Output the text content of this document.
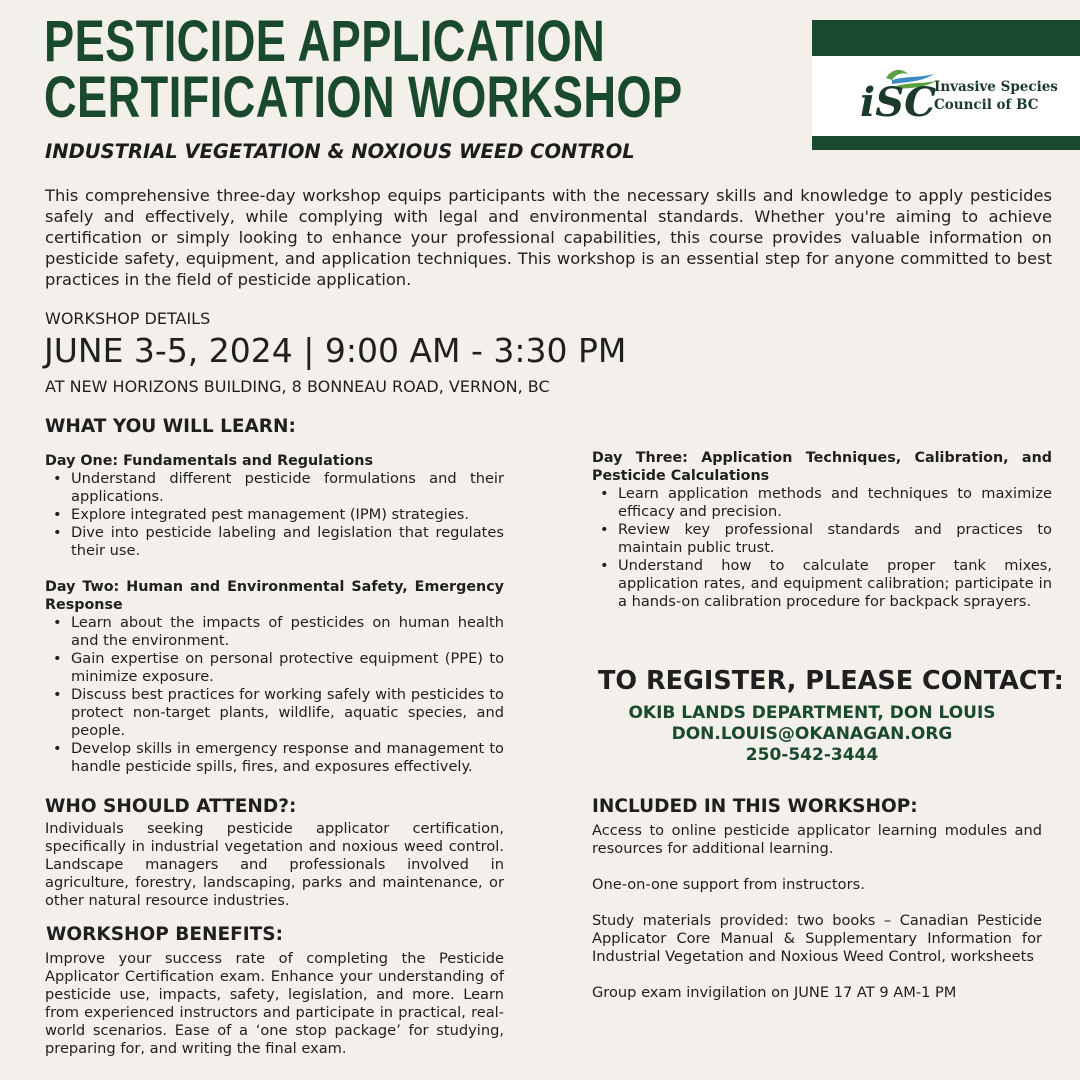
PESTICIDE APPLICATION
CERTIFICATION WORKSHOP
INDUSTRIAL VEGETATION & NOXIOUS WEED CONTROL
iSC
Invasive Species
Council of BC

This comprehensive three-day workshop equips participants with the necessary skills and knowledge to apply pesticides safely and effectively, while complying with legal and environmental standards. Whether you're aiming to achieve certification or simply looking to enhance your professional capabilities, this course provides valuable information on pesticide safety, equipment, and application techniques. This workshop is an essential step for anyone committed to best practices in the field of pesticide application.

WORKSHOP DETAILS
JUNE 3-5, 2024 | 9:00 AM - 3:30 PM
AT NEW HORIZONS BUILDING, 8 BONNEAU ROAD, VERNON, BC
WHAT YOU WILL LEARN:

Day One: Fundamentals and Regulations

• Understand different pesticide formulations and their applications.
• Explore integrated pest management (IPM) strategies.
• Dive into pesticide labeling and legislation that regulates their use.

Day Two: Human and Environmental Safety, Emergency Response

• Learn about the impacts of pesticides on human health and the environment.
• Gain expertise on personal protective equipment (PPE) to minimize exposure.
• Discuss best practices for working safely with pesticides to protect non-target plants, wildlife, aquatic species, and people.
• Develop skills in emergency response and management to handle pesticide spills, fires, and exposures effectively.

Day Three: Application Techniques, Calibration, and Pesticide Calculations

• Learn application methods and techniques to maximize efficacy and precision.
• Review key professional standards and practices to maintain public trust.
• Understand how to calculate proper tank mixes, application rates, and equipment calibration; participate in a hands-on calibration procedure for backpack sprayers.
WHO SHOULD ATTEND?:

Individuals seeking pesticide applicator certification, specifically in industrial vegetation and noxious weed control. Landscape managers and professionals involved in agriculture, forestry, landscaping, parks and maintenance, or other natural resource industries.

WORKSHOP BENEFITS:

Improve your success rate of completing the Pesticide Applicator Certification exam. Enhance your understanding of pesticide use, impacts, safety, legislation, and more. Learn from experienced instructors and participate in practical, real-world scenarios. Ease of a ‘one stop package’ for studying, preparing for, and writing the final exam.

TO REGISTER, PLEASE CONTACT:
OKIB LANDS DEPARTMENT, DON LOUIS
DON.LOUIS@OKANAGAN.ORG
250-542-3444
INCLUDED IN THIS WORKSHOP:

Access to online pesticide applicator learning modules and resources for additional learning.

One-on-one support from instructors.

Study materials provided: two books – Canadian Pesticide Applicator Core Manual & Supplementary Information for Industrial Vegetation and Noxious Weed Control, worksheets

Group exam invigilation on JUNE 17 AT 9 AM-1 PM
